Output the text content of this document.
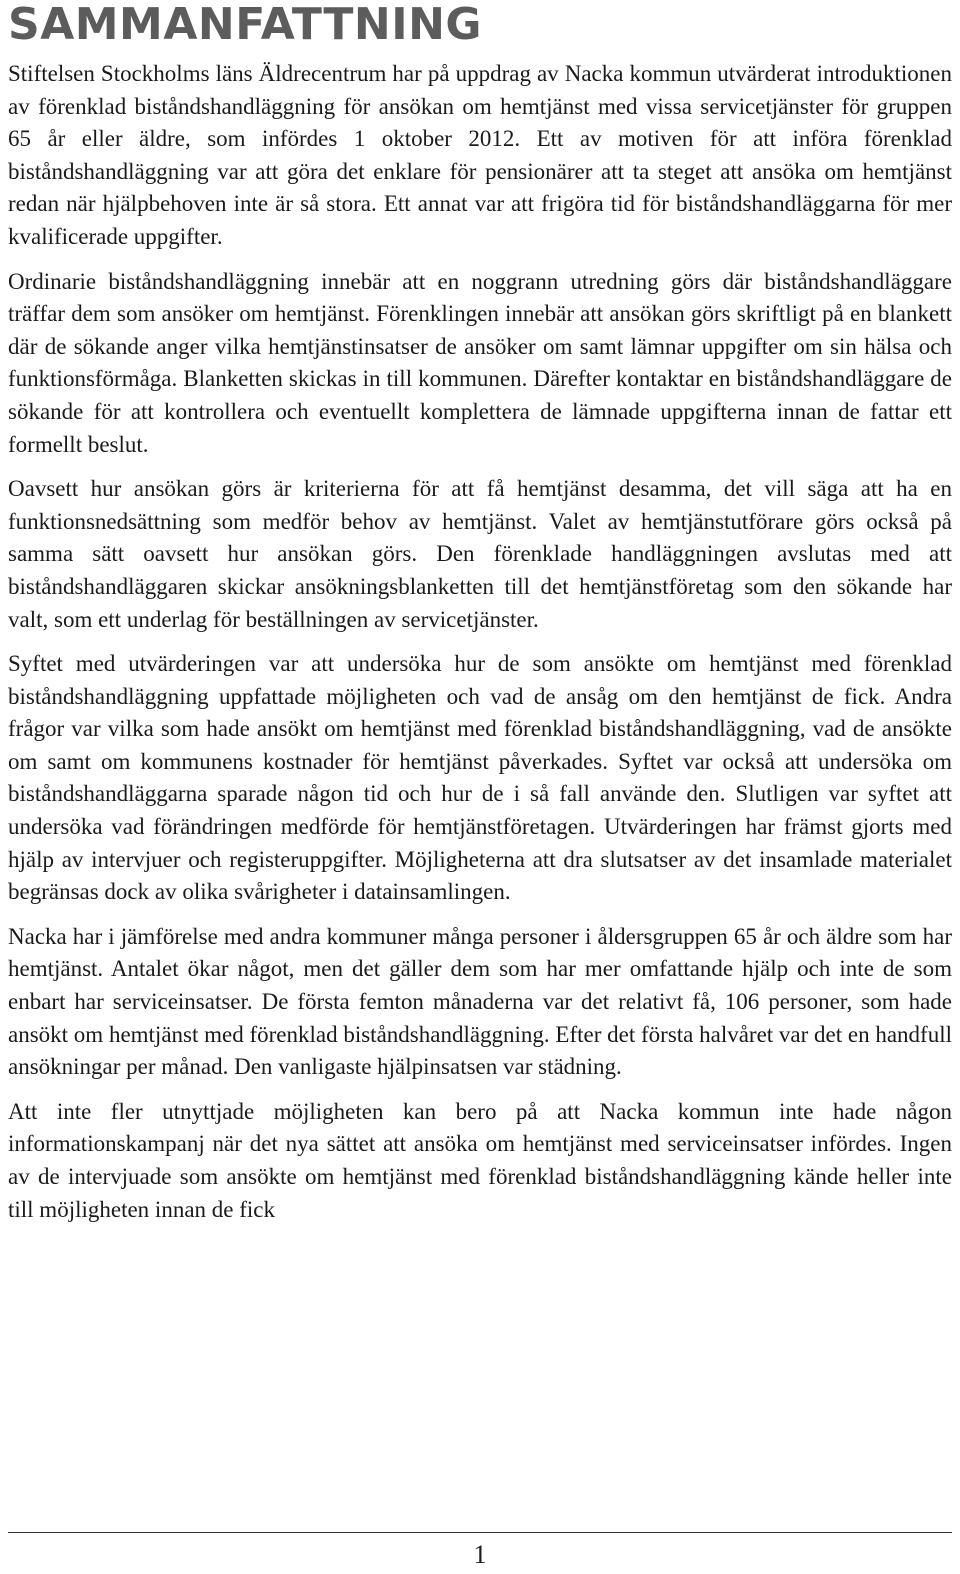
SAMMANFATTNING

Stiftelsen Stockholms läns Äldrecentrum har på uppdrag av Nacka kommun utvärderat introduktionen av förenklad biståndshandläggning för ansökan om hemtjänst med vissa servicetjänster för gruppen 65 år eller äldre, som infördes 1 oktober 2012. Ett av motiven för att införa förenklad biståndshandläggning var att göra det enklare för pensionärer att ta steget att ansöka om hemtjänst redan när hjälpbehoven inte är så stora. Ett annat var att frigöra tid för biståndshandläggarna för mer kvalificerade uppgifter.

Ordinarie biståndshandläggning innebär att en noggrann utredning görs där biståndshandläggare träffar dem som ansöker om hemtjänst. Förenklingen innebär att ansökan görs skriftligt på en blankett där de sökande anger vilka hemtjänstinsatser de ansöker om samt lämnar uppgifter om sin hälsa och funktionsförmåga. Blanketten skickas in till kommunen. Därefter kontaktar en biståndshandläggare de sökande för att kontrollera och eventuellt komplettera de lämnade uppgifterna innan de fattar ett formellt beslut.

Oavsett hur ansökan görs är kriterierna för att få hemtjänst desamma, det vill säga att ha en funktionsnedsättning som medför behov av hemtjänst. Valet av hemtjänstutförare görs också på samma sätt oavsett hur ansökan görs. Den förenklade handläggningen avslutas med att biståndshandläggaren skickar ansökningsblanketten till det hemtjänstföretag som den sökande har valt, som ett underlag för beställningen av servicetjänster.

Syftet med utvärderingen var att undersöka hur de som ansökte om hemtjänst med förenklad biståndshandläggning uppfattade möjligheten och vad de ansåg om den hemtjänst de fick. Andra frågor var vilka som hade ansökt om hemtjänst med förenklad biståndshandläggning, vad de ansökte om samt om kommunens kostnader för hemtjänst påverkades. Syftet var också att undersöka om biståndshandläggarna sparade någon tid och hur de i så fall använde den. Slutligen var syftet att undersöka vad förändringen medförde för hemtjänstföretagen. Utvärderingen har främst gjorts med hjälp av intervjuer och registeruppgifter. Möjligheterna att dra slutsatser av det insamlade materialet begränsas dock av olika svårigheter i datainsamlingen.

Nacka har i jämförelse med andra kommuner många personer i åldersgruppen 65 år och äldre som har hemtjänst. Antalet ökar något, men det gäller dem som har mer omfattande hjälp och inte de som enbart har serviceinsatser. De första femton månaderna var det relativt få, 106 personer, som hade ansökt om hemtjänst med förenklad biståndshandläggning. Efter det första halvåret var det en handfull ansökningar per månad. Den vanligaste hjälpinsatsen var städning.

Att inte fler utnyttjade möjligheten kan bero på att Nacka kommun inte hade någon informationskampanj när det nya sättet att ansöka om hemtjänst med serviceinsatser infördes. Ingen av de intervjuade som ansökte om hemtjänst med förenklad biståndshandläggning kände heller inte till möjligheten innan de fick

1
